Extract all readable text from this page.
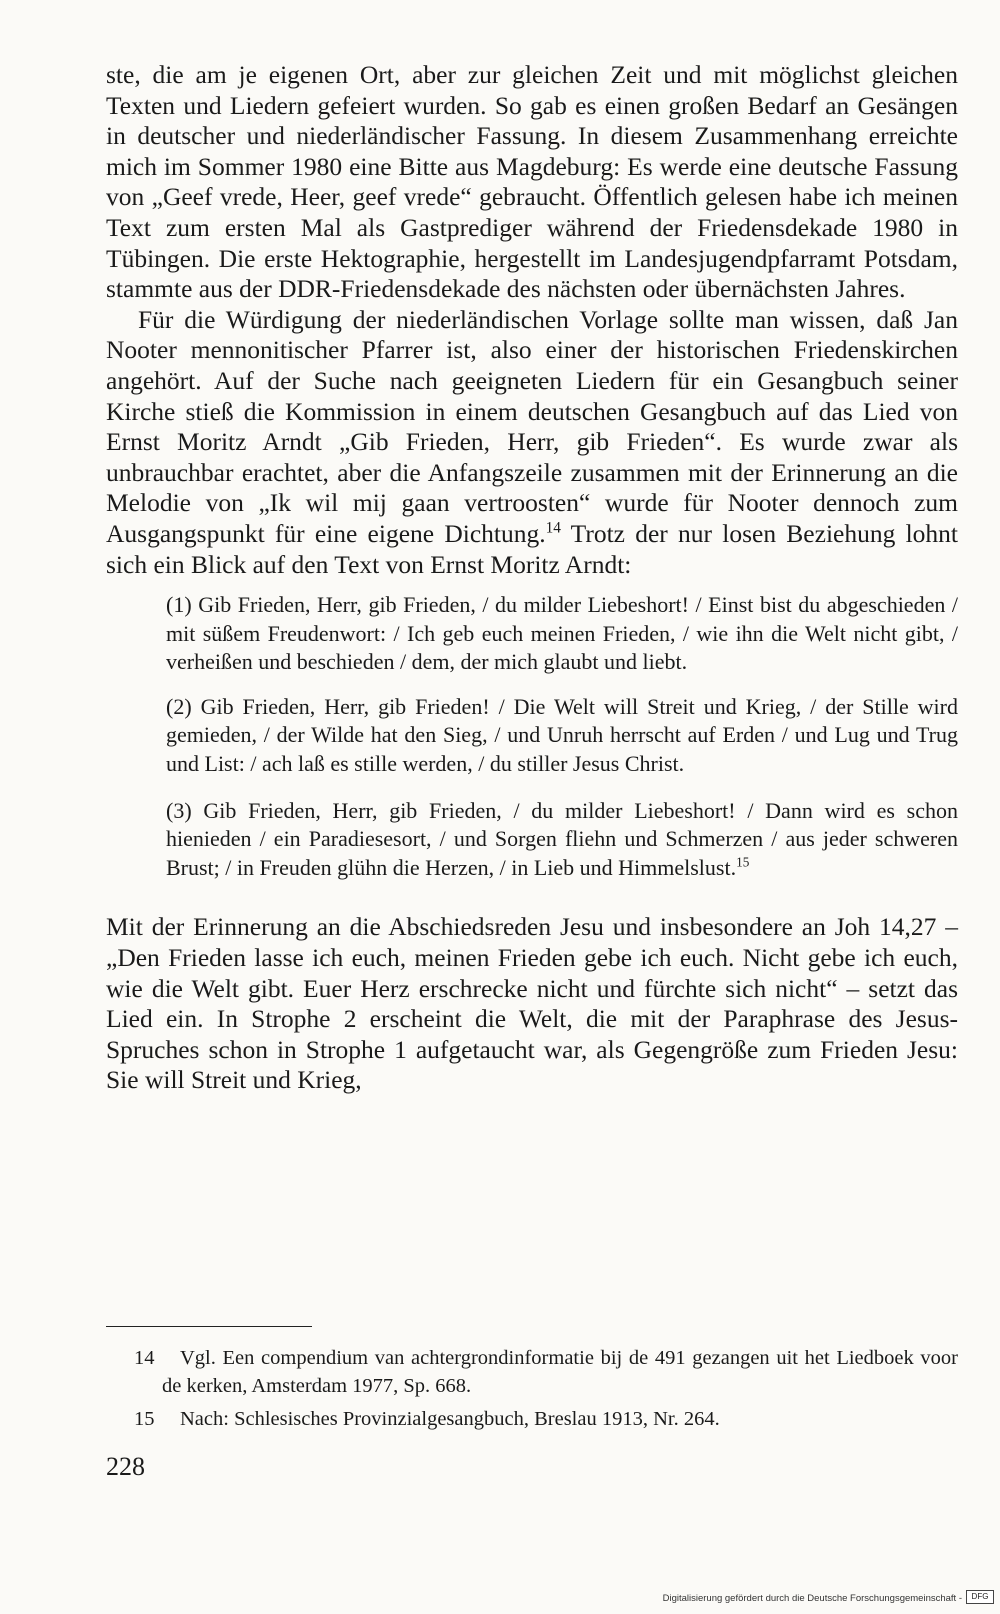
ste, die am je eigenen Ort, aber zur gleichen Zeit und mit möglichst gleichen Texten und Liedern gefeiert wurden. So gab es einen großen Bedarf an Gesängen in deutscher und niederländischer Fassung. In diesem Zusammenhang erreichte mich im Sommer 1980 eine Bitte aus Magdeburg: Es werde eine deutsche Fassung von „Geef vrede, Heer, geef vrede“ gebraucht. Öffentlich gelesen habe ich meinen Text zum ersten Mal als Gastprediger während der Friedensdekade 1980 in Tübingen. Die erste Hektographie, hergestellt im Landesjugendpfarramt Potsdam, stammte aus der DDR-Friedensdekade des nächsten oder übernächsten Jahres.

Für die Würdigung der niederländischen Vorlage sollte man wissen, daß Jan Nooter mennonitischer Pfarrer ist, also einer der historischen Friedenskirchen angehört. Auf der Suche nach geeigneten Liedern für ein Gesangbuch seiner Kirche stieß die Kommission in einem deutschen Gesangbuch auf das Lied von Ernst Moritz Arndt „Gib Frieden, Herr, gib Frieden“. Es wurde zwar als unbrauchbar erachtet, aber die Anfangszeile zusammen mit der Erinnerung an die Melodie von „Ik wil mij gaan vertroosten“ wurde für Nooter dennoch zum Ausgangspunkt für eine eigene Dichtung.$^{14}$ Trotz der nur losen Beziehung lohnt sich ein Blick auf den Text von Ernst Moritz Arndt:

(1) Gib Frieden, Herr, gib Frieden, / du milder Liebeshort! / Einst bist du abgeschieden / mit süßem Freudenwort: / Ich geb euch meinen Frieden, / wie ihn die Welt nicht gibt, / verheißen und beschieden / dem, der mich glaubt und liebt.

(2) Gib Frieden, Herr, gib Frieden! / Die Welt will Streit und Krieg, / der Stille wird gemieden, / der Wilde hat den Sieg, / und Unruh herrscht auf Erden / und Lug und Trug und List: / ach laß es stille werden, / du stiller Jesus Christ.

(3) Gib Frieden, Herr, gib Frieden, / du milder Liebeshort! / Dann wird es schon hienieden / ein Paradiesesort, / und Sorgen fliehn und Schmerzen / aus jeder schweren Brust; / in Freuden glühn die Herzen, / in Lieb und Himmelslust.$^{15}$

Mit der Erinnerung an die Abschiedsreden Jesu und insbesondere an Joh 14,27 – „Den Frieden lasse ich euch, meinen Frieden gebe ich euch. Nicht gebe ich euch, wie die Welt gibt. Euer Herz erschrecke nicht und fürchte sich nicht“ – setzt das Lied ein. In Strophe 2 erscheint die Welt, die mit der Paraphrase des Jesus-Spruches schon in Strophe 1 aufgetaucht war, als Gegengröße zum Frieden Jesu: Sie will Streit und Krieg,

14 Vgl. Een compendium van achtergrondinformatie bij de 491 gezangen uit het Liedboek voor de kerken, Amsterdam 1977, Sp. 668.

15 Nach: Schlesisches Provinzialgesangbuch, Breslau 1913, Nr. 264.

228
Digitalisierung gefördert durch die Deutsche Forschungsgemeinschaft -	DFG
